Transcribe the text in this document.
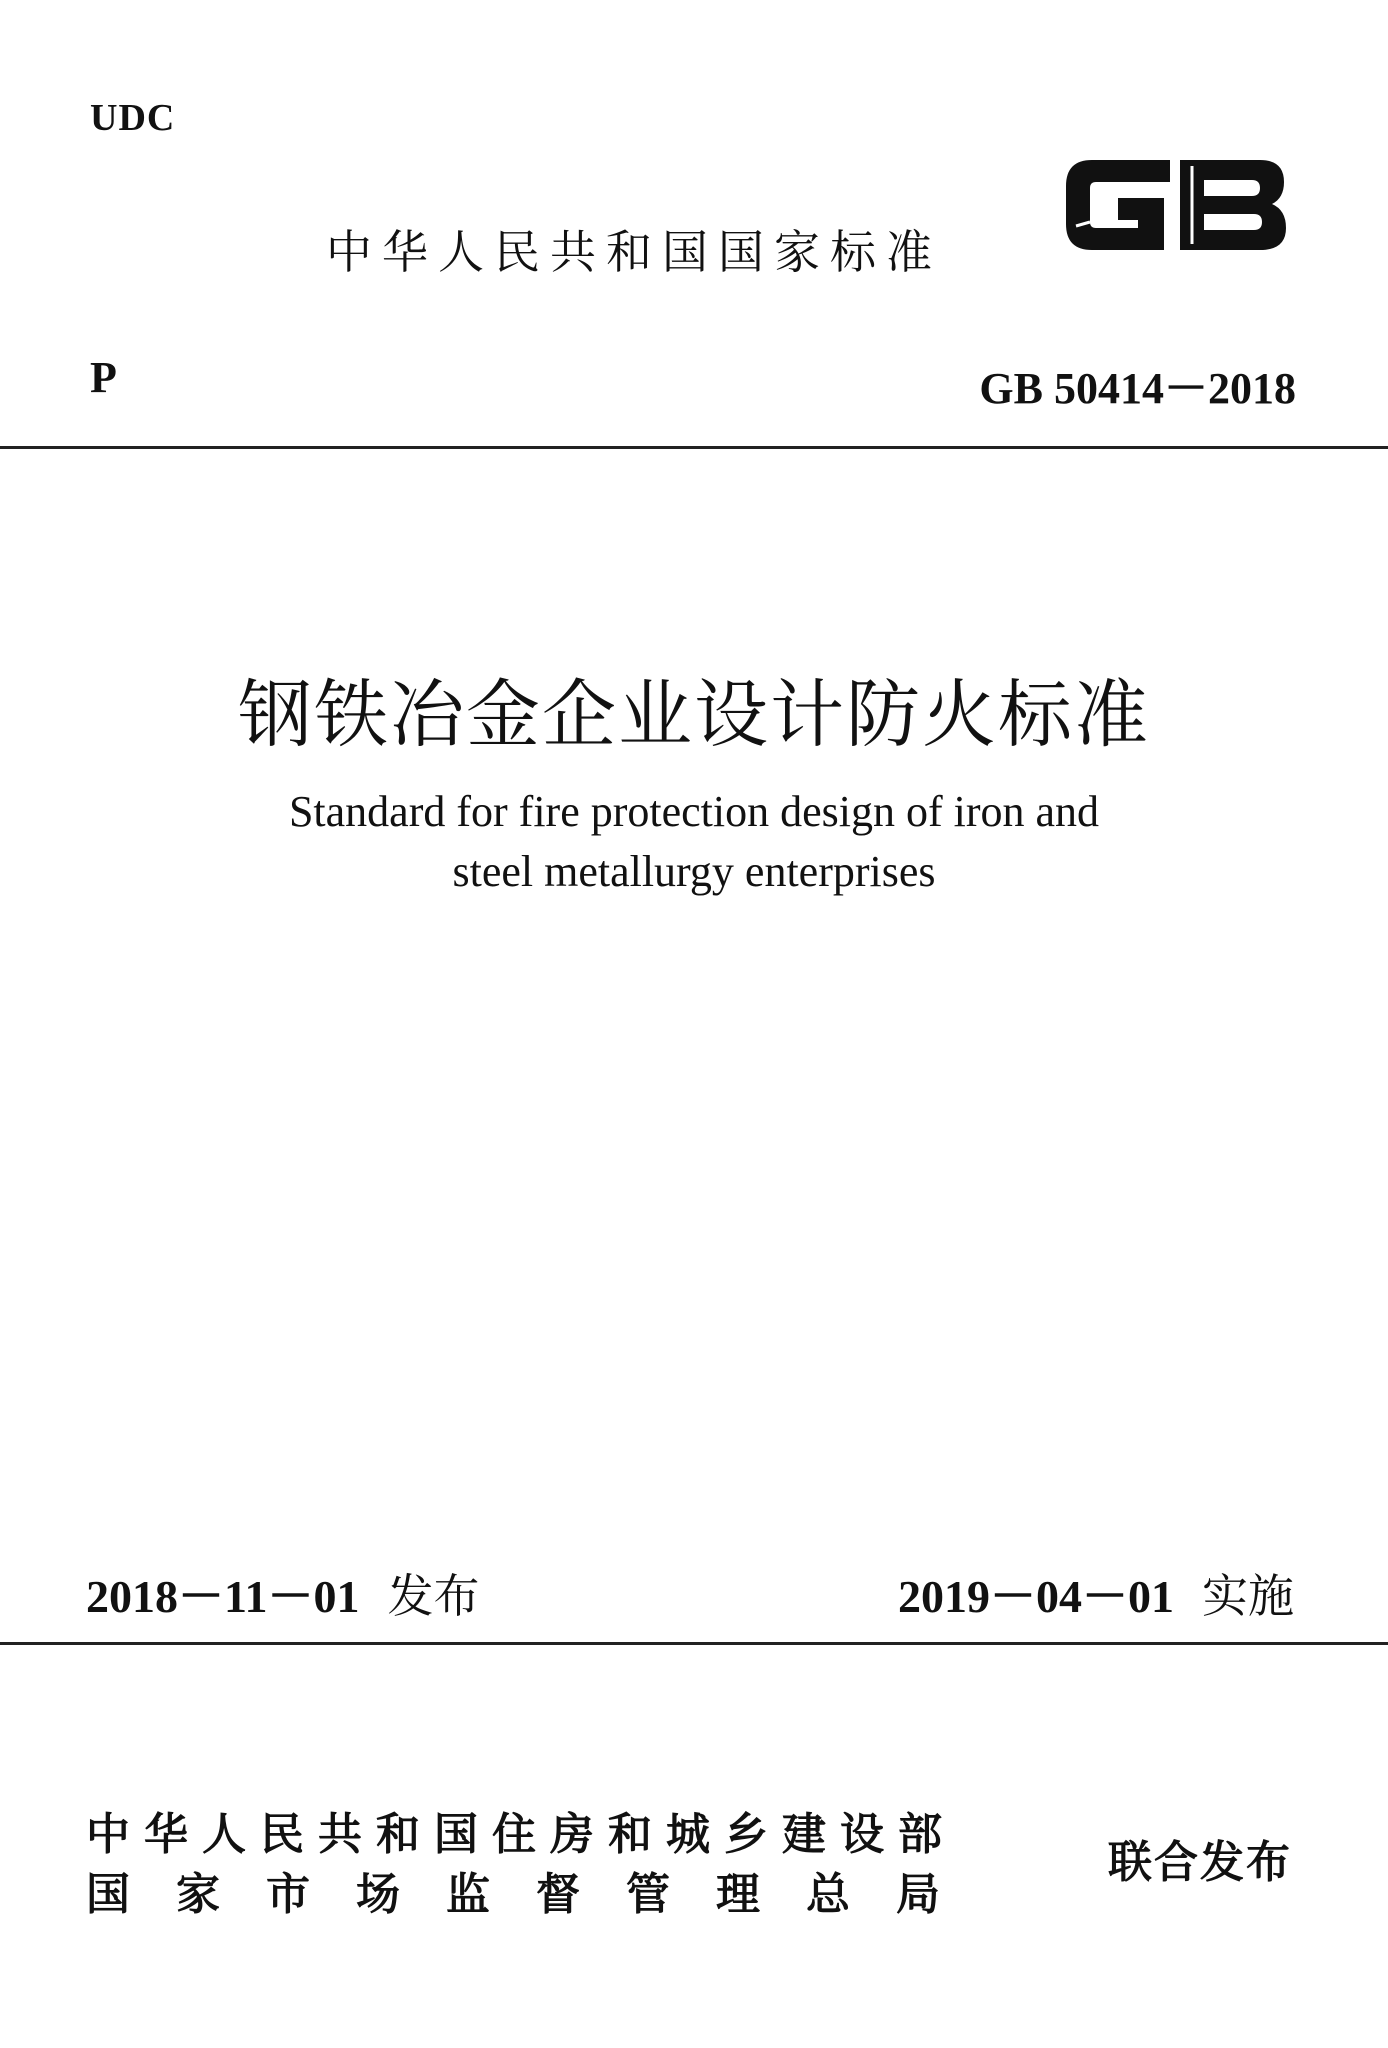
UDC
中华人民共和国国家标准
P	GB 50414－2018
钢铁冶金企业设计防火标准
Standard for fire protection design of iron and
steel metallurgy enterprises
2018－11－01 发布	2019－04－01 实施
中华人民共和国住房和城乡建设部
国家市场监督管理总局
联合发布
